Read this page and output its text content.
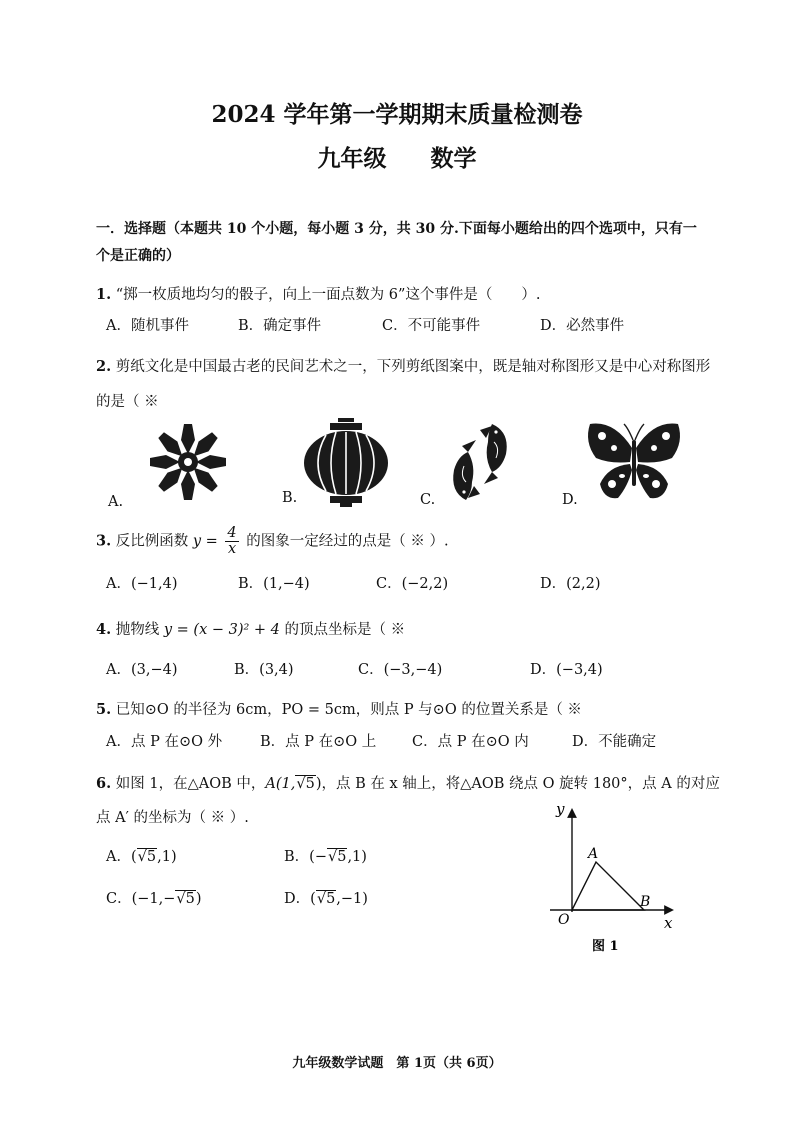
2024 学年第一学期期末质量检测卷
九年级 数学
一．选择题（本题共 10 个小题，每小题 3 分，共 30 分.下面每小题给出的四个选项中，只有一个是正确的）
1. “掷一枚质地均匀的骰子，向上一面点数为 6”这个事件是（　　）.
A．随机事件	B．确定事件	C．不可能事件	D．必然事件
2. 剪纸文化是中国最古老的民间艺术之一，下列剪纸图案中，既是轴对称图形又是中心对称图形
的是（ ※
A.	B.	C.	D.
3. 反比例函数 $y = \frac{4}{x}$ 的图象一定经过的点是（ ※ ）.
A．(−1,4)	B．(1,−4)	C．(−2,2)	D．(2,2)
4. 抛物线 y = (x − 3)² + 4 的顶点坐标是（ ※
A．(3,−4)	B．(3,4)	C．(−3,−4)	D．(−3,4)
5. 已知⊙O 的半径为 6cm，PO = 5cm，则点 P 与⊙O 的位置关系是（ ※
A．点 P 在⊙O 外	B．点 P 在⊙O 上 C．点 P 在⊙O 内	D．不能确定
6. 如图 1，在△AOB 中，A(1,√5)，点 B 在 x 轴上，将△AOB 绕点 O 旋转 180°，点 A 的对应
点 A′ 的坐标为（ ※ ）.
A．(√5,1)	B．(−√5,1)
C．(−1,−√5)	D．(√5,−1)
y
x
O
A
B
图 1
九年级数学试题　第 1页（共 6页）
